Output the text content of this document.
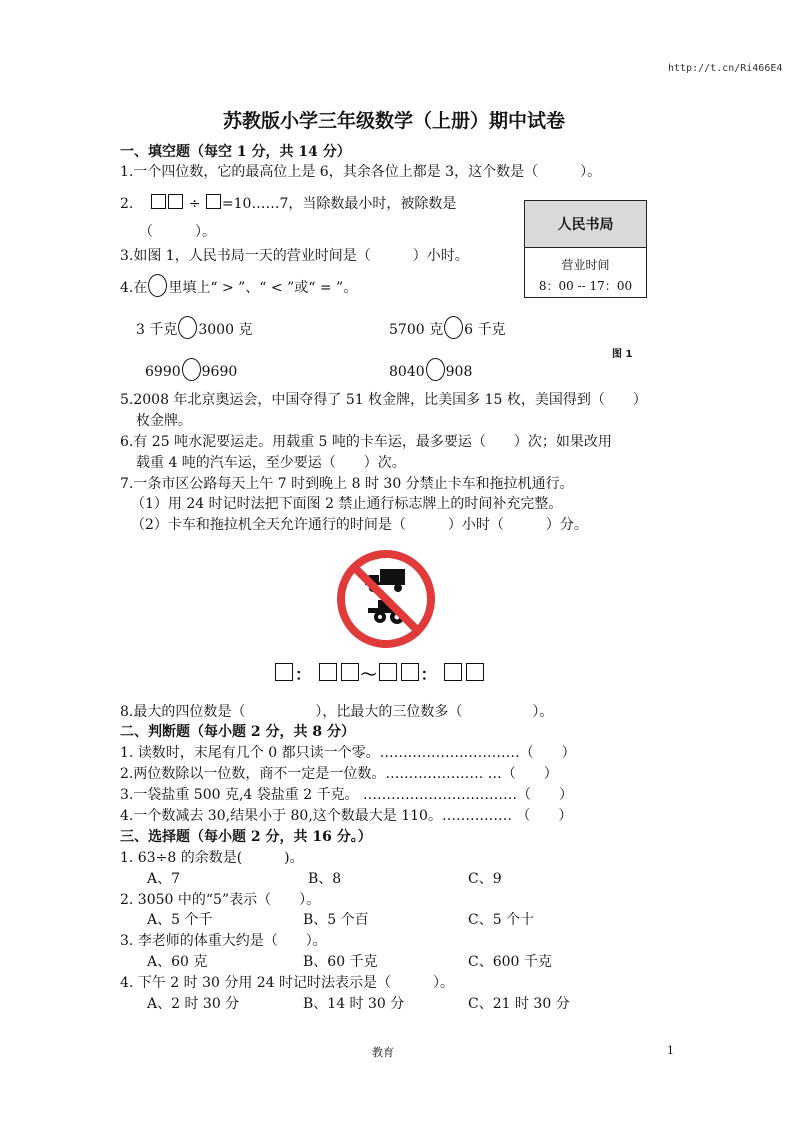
http://t.cn/Ri466E4
苏教版小学三年级数学（上册）期中试卷
一、填空题（每空 1 分，共 14 分）
1.一个四位数，它的最高位上是 6，其余各位上都是 3，这个数是（　　　）。
2.	÷ =10……7，当除数最小时，被除数是
（　　　）。
3.如图 1，人民书局一天的营业时间是（　　　）小时。
4.在 里填上“ > ”、“ < ”或“ = ”。
人民书局
营业时间
8：00 -- 17：00
图 1
3 千克 3000 克	5700 克 6 千克
6990 9690	8040 908
5.2008 年北京奥运会，中国夺得了 51 枚金牌，比美国多 15 枚，美国得到（　　）
枚金牌。
6.有 25 吨水泥要运走。用载重 5 吨的卡车运，最多要运（　　）次；如果改用
载重 4 吨的汽车运，至少要运（　　）次。
7.一条市区公路每天上午 7 时到晚上 8 时 30 分禁止卡车和拖拉机通行。
（1）用 24 时记时法把下面图 2 禁止通行标志牌上的时间补充完整。
（2）卡车和拖拉机全天允许通行的时间是（　　　）小时（　　　）分。
：	～	：
8.最大的四位数是（　　　　　），比最大的三位数多（　　　　　）。
二、判断题（每小题 2 分，共 8 分）
1. 读数时，末尾有几个 0 都只读一个零。…………………………（　　）
2.两位数除以一位数，商不一定是一位数。………………… …（　　）
3.一袋盐重 500 克,4 袋盐重 2 千克。 ……………………………（　　）
4.一个数减去 30,结果小于 80,这个数最大是 110。…………… （　　）
三、选择题（每小题 2 分，共 16 分。）
1. 63÷8 的余数是(　　　)。
A、7	B、8	C、9
2. 3050 中的“5”表示（　　）。
A、5 个千	B、5 个百	C、5 个十
3. 李老师的体重大约是（　　）。
A、60 克	B、60 千克	C、600 千克
4. 下午 2 时 30 分用 24 时记时法表示是（　　　）。
A、2 时 30 分	B、14 时 30 分	C、21 时 30 分
教育	1
